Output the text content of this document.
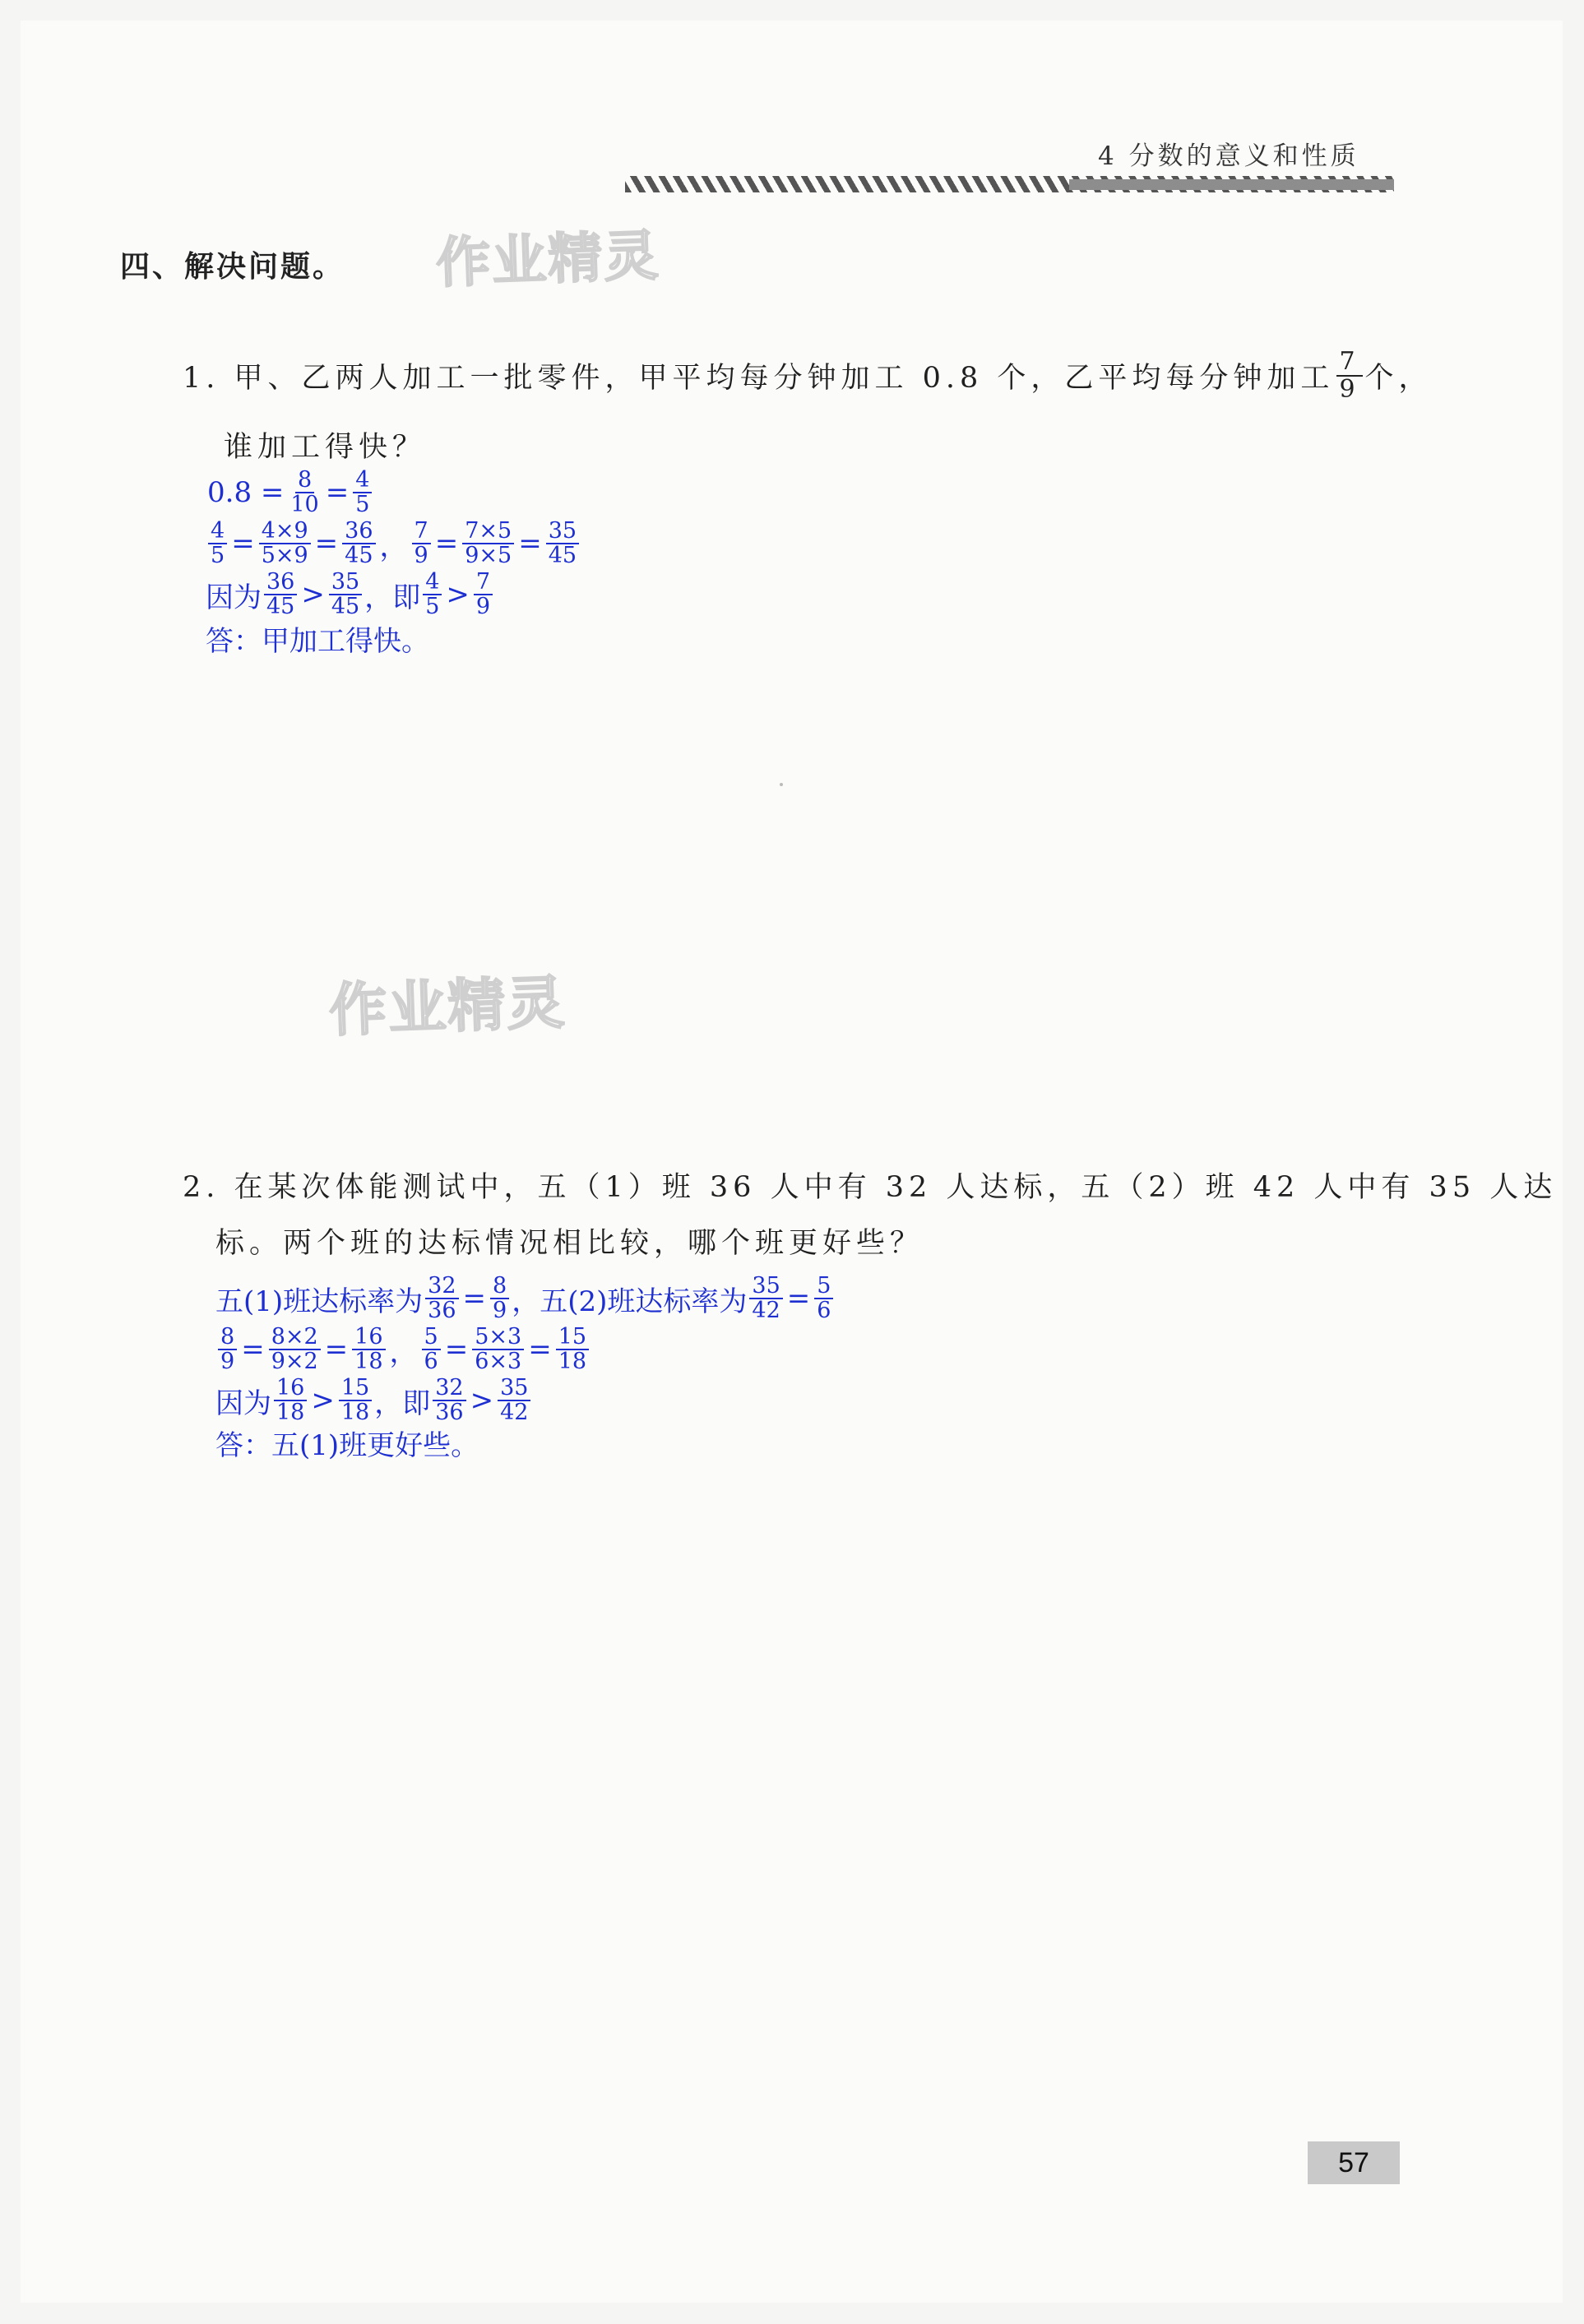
4 分数的意义和性质
四、解决问题。 作业精灵
1. 甲、乙两人加工一批零件，甲平均每分钟加工 0.8 个，乙平均每分钟加工 $\frac{7}{9}$ 个，
谁加工得快？
$0.8 = \frac{8}{10} = \frac{4}{5}$
$\frac{4}{5} = \frac{4\times 9}{5\times 9} = \frac{36}{45}$ ， $\frac{7}{9} = \frac{7\times 5}{9\times 5} = \frac{35}{45}$
因为 $\frac{36}{45} > \frac{35}{45}$ ，即 $\frac{4}{5} > \frac{7}{9}$
答：甲加工得快。
作业精灵
2. 在某次体能测试中，五（1）班 36 人中有 32 人达标，五（2）班 42 人中有 35 人达
标。两个班的达标情况相比较，哪个班更好些？
五(1)班达标率为 $\frac{32}{36} = \frac{8}{9}$ ，五(2)班达标率为 $\frac{35}{42} = \frac{5}{6}$
$\frac{8}{9} = \frac{8\times 2}{9\times 2} = \frac{16}{18}$ ， $\frac{5}{6} = \frac{5\times 3}{6\times 3} = \frac{15}{18}$
因为 $\frac{16}{18} > \frac{15}{18}$ ，即 $\frac{32}{36} > \frac{35}{42}$
答：五(1)班更好些。
57
